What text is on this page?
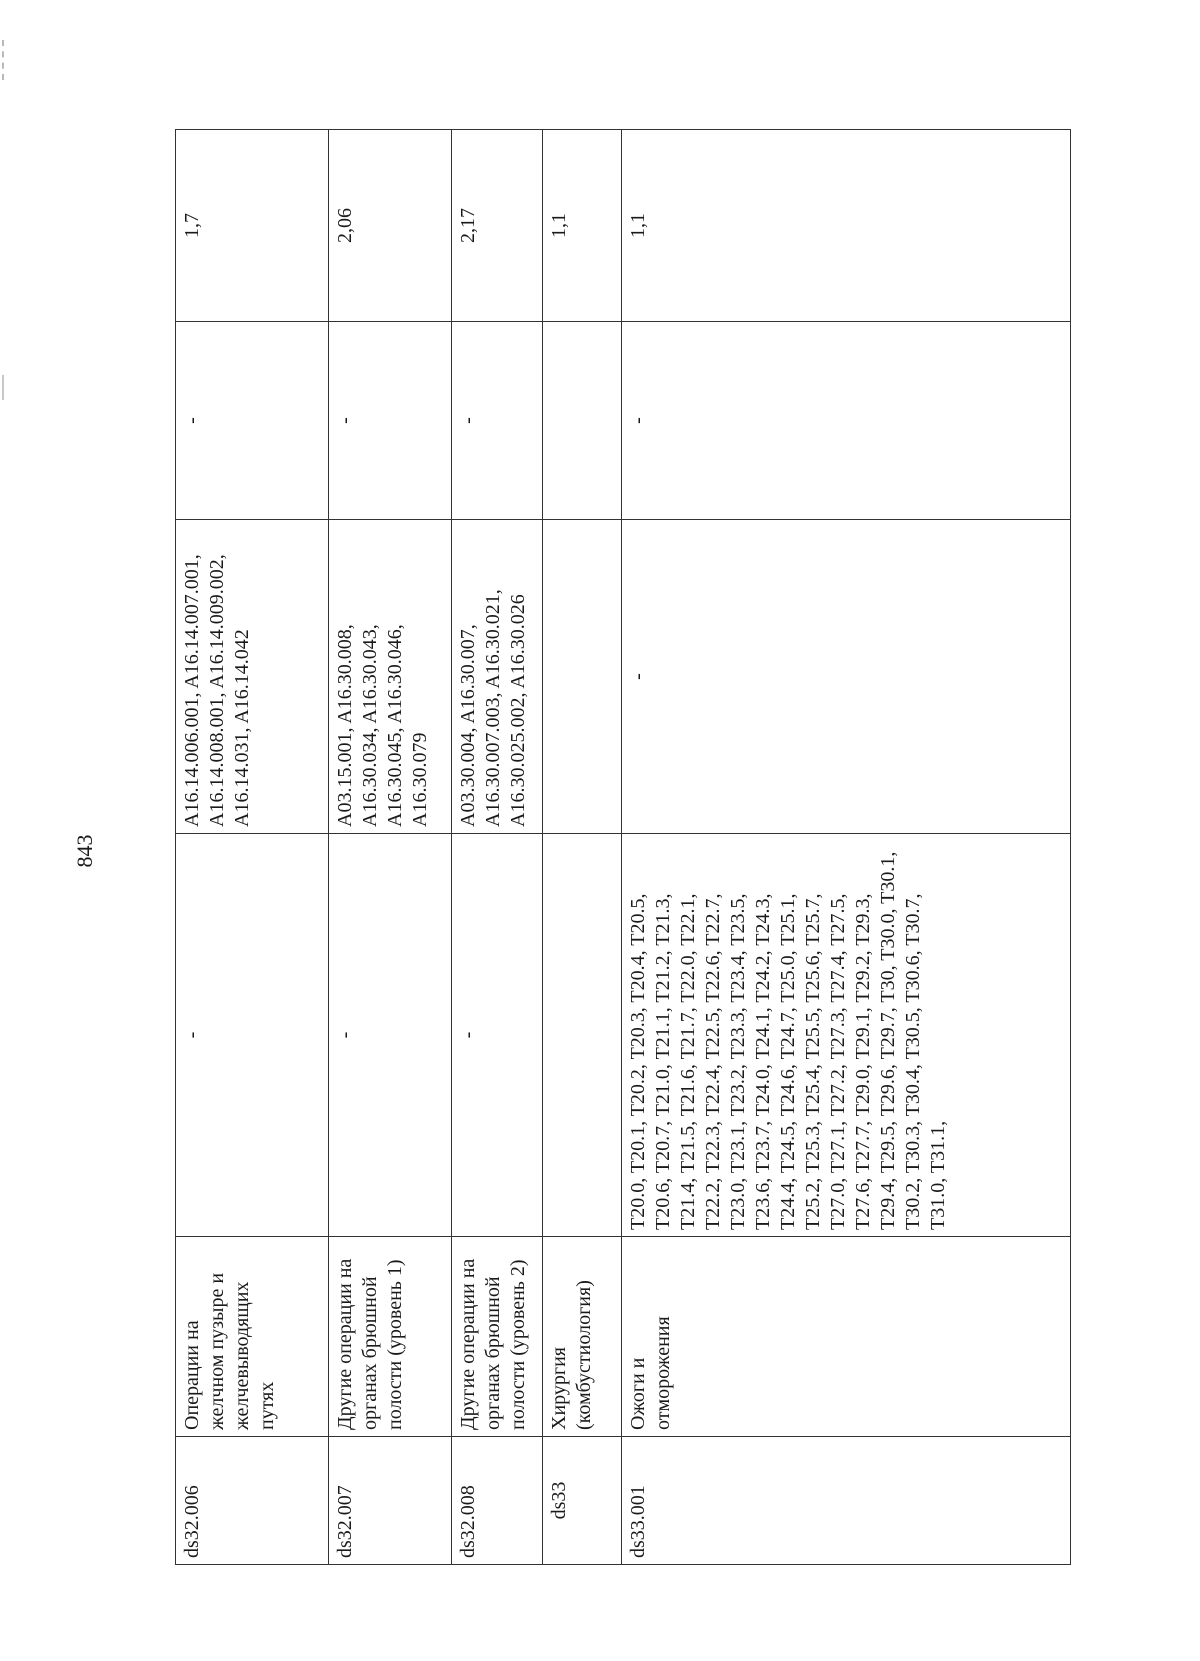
843
ds32.006	Операции на желчном пузыре и желчевыводящих путях	-	A16.14.006.001, A16.14.007.001, A16.14.008.001, A16.14.009.002, A16.14.031, A16.14.042	-	1,7
ds32.007	Другие операции на органах брюшной полости (уровень 1)	-	A03.15.001, A16.30.008, A16.30.034, A16.30.043, A16.30.045, A16.30.046, A16.30.079	-	2,06
ds32.008	Другие операции на органах брюшной полости (уровень 2)	-	A03.30.004, A16.30.007, A16.30.007.003, A16.30.021, A16.30.025.002, A16.30.026	-	2,17
ds33	Хирургия (комбустиология)				1,1
ds33.001	Ожоги и отморожения	T20.0, T20.1, T20.2, T20.3, T20.4, T20.5, T20.6, T20.7, T21.0, T21.1, T21.2, T21.3, T21.4, T21.5, T21.6, T21.7, T22.0, T22.1, T22.2, T22.3, T22.4, T22.5, T22.6, T22.7, T23.0, T23.1, T23.2, T23.3, T23.4, T23.5, T23.6, T23.7, T24.0, T24.1, T24.2, T24.3, T24.4, T24.5, T24.6, T24.7, T25.0, T25.1, T25.2, T25.3, T25.4, T25.5, T25.6, T25.7, T27.0, T27.1, T27.2, T27.3, T27.4, T27.5, T27.6, T27.7, T29.0, T29.1, T29.2, T29.3, T29.4, T29.5, T29.6, T29.7, T30, T30.0, T30.1, T30.2, T30.3, T30.4, T30.5, T30.6, T30.7, T31.0, T31.1,	-	-	1,1
